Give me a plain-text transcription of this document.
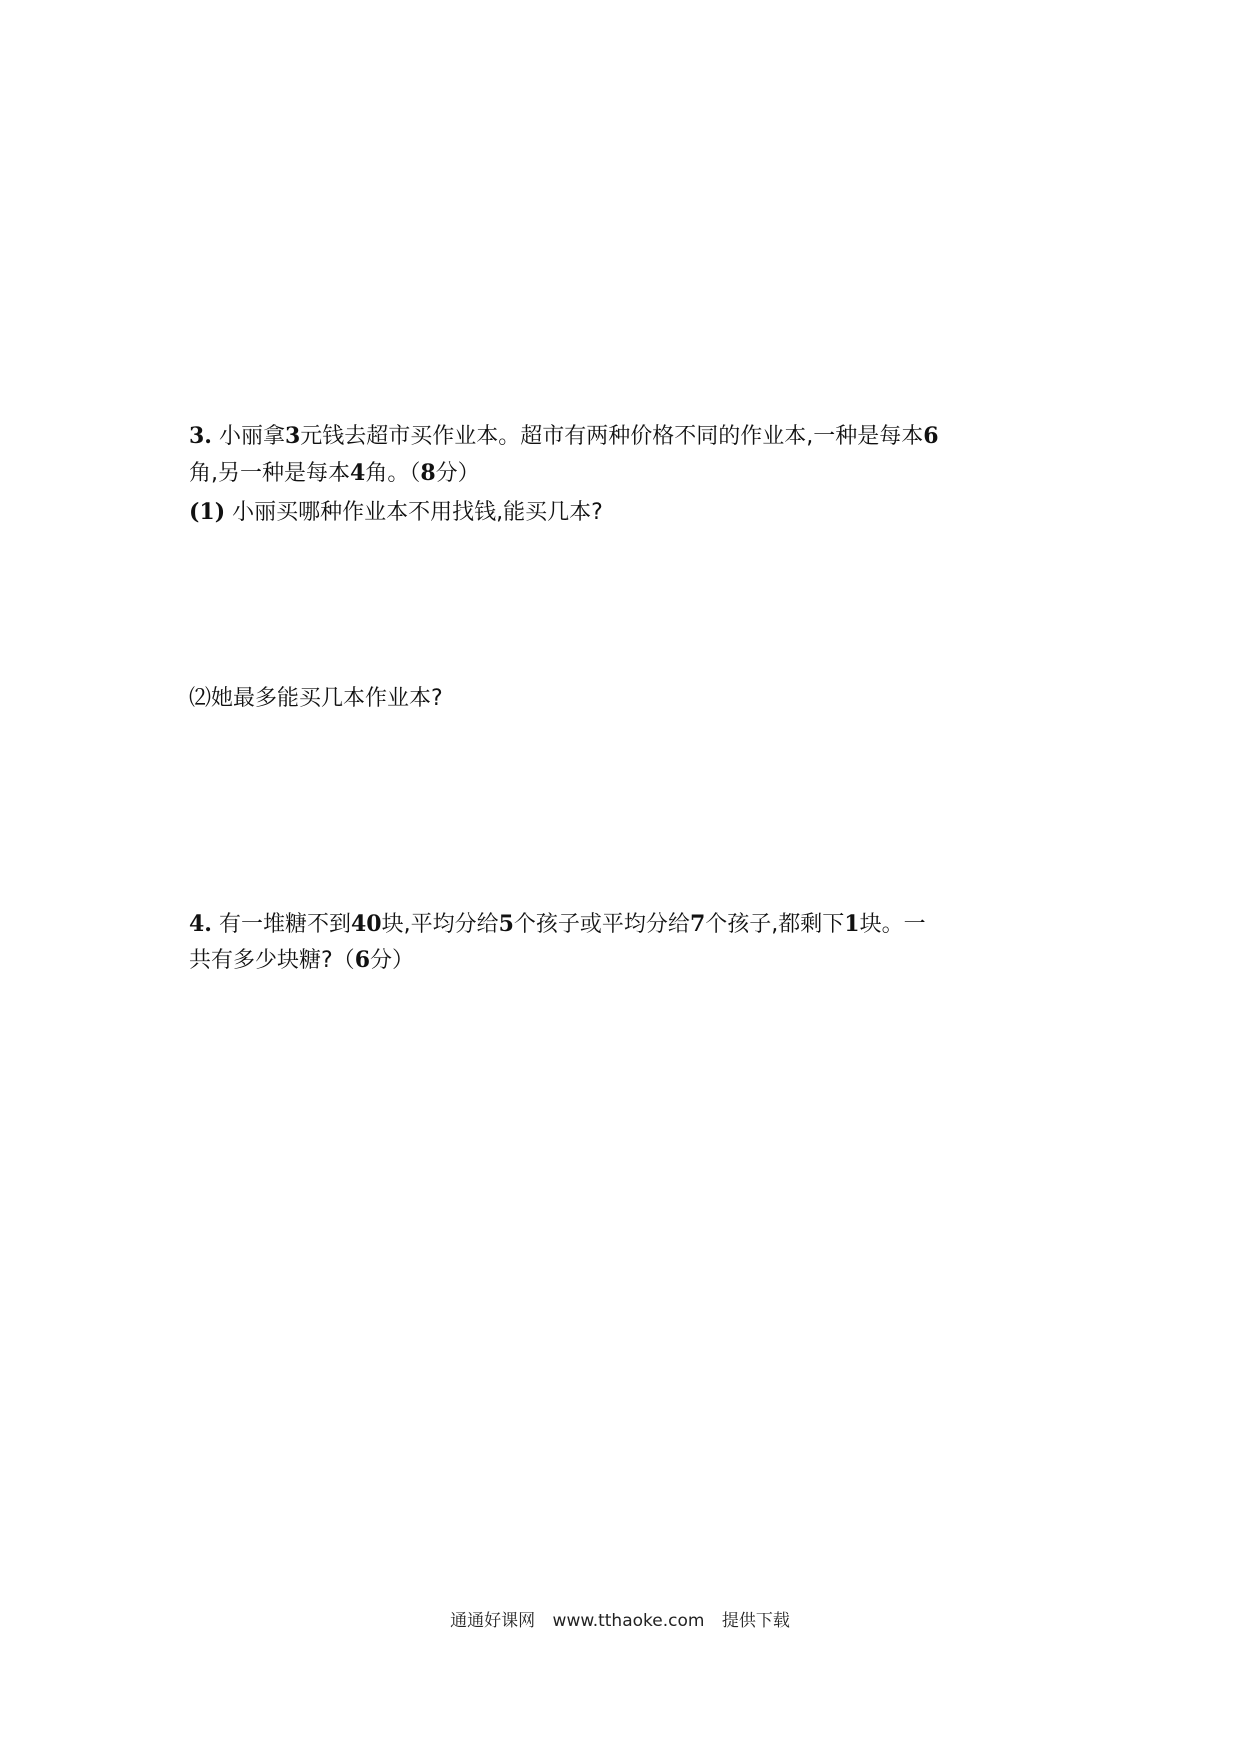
3. 小丽拿3元钱去超市买作业本。超市有两种价格不同的作业本,一种是每本6
角,另一种是每本4角。（8分）
(1) 小丽买哪种作业本不用找钱,能买几本?
⑵她最多能买几本作业本?
4. 有一堆糖不到40块,平均分给5个孩子或平均分给7个孩子,都剩下1块。一
共有多少块糖?（6分）
通通好课网 www.tthaoke.com 提供下载
